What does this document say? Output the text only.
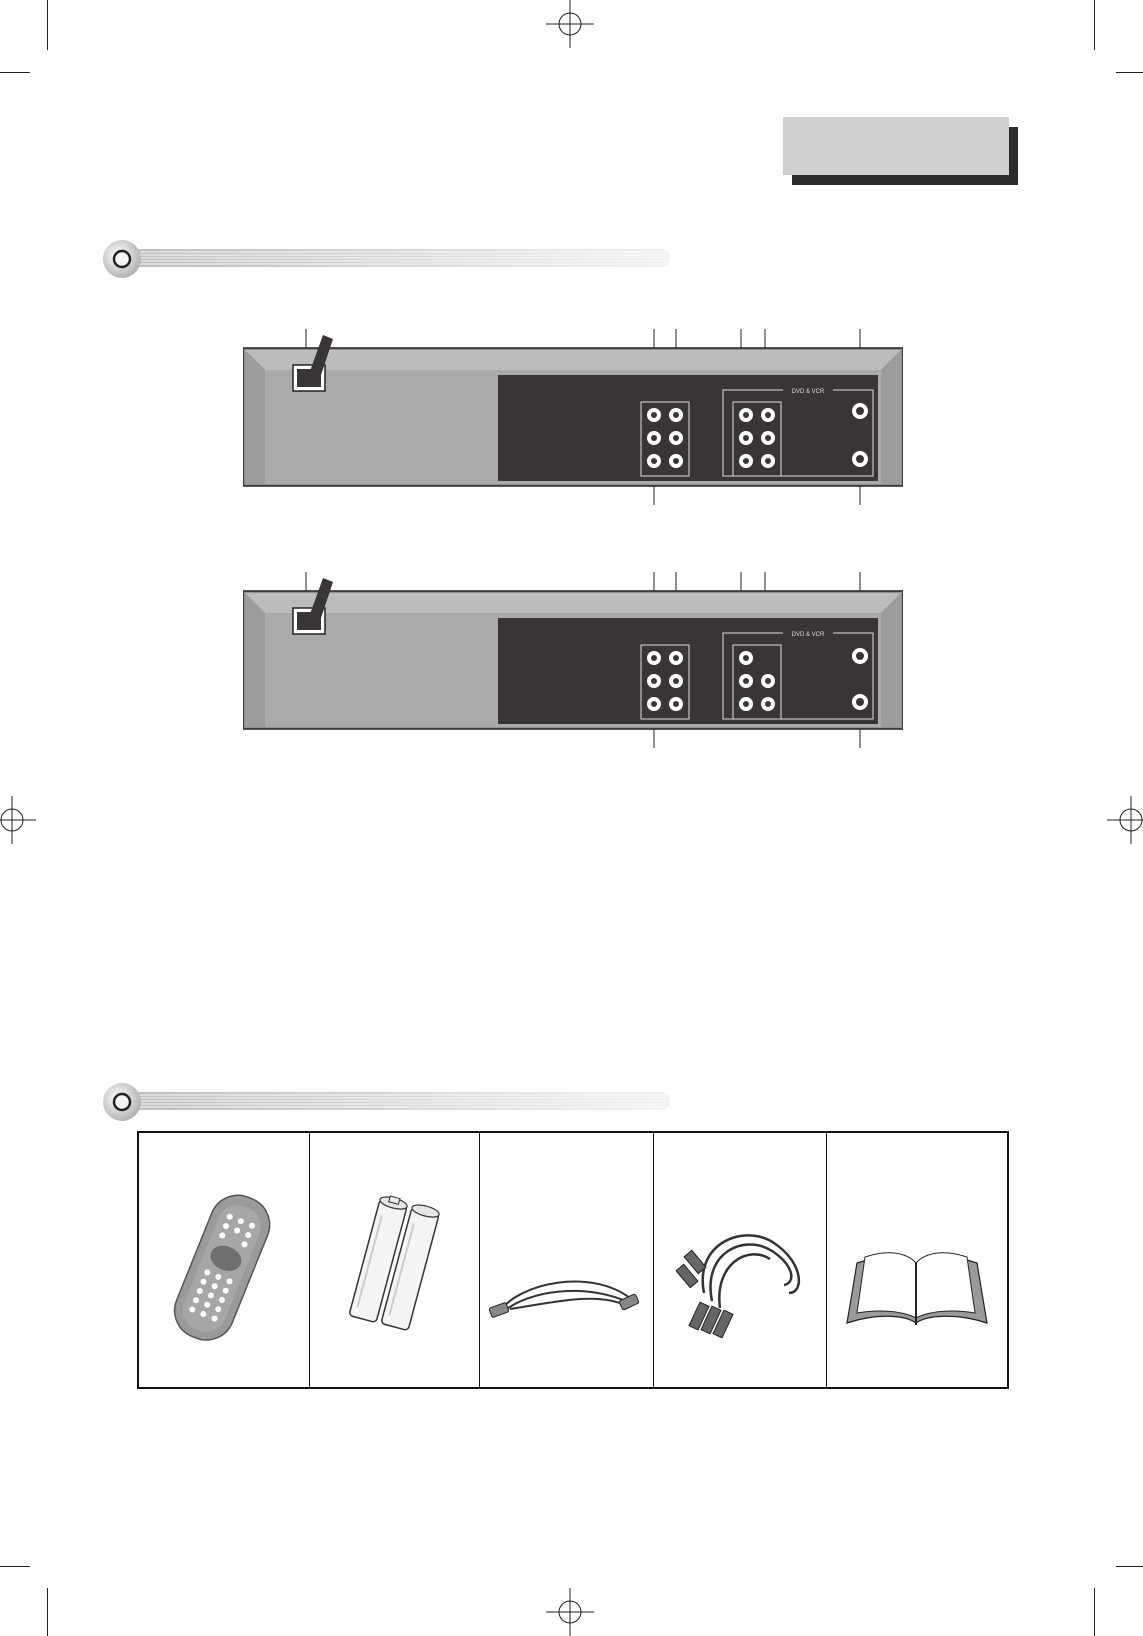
DVD & VCR
DVD & VCR
